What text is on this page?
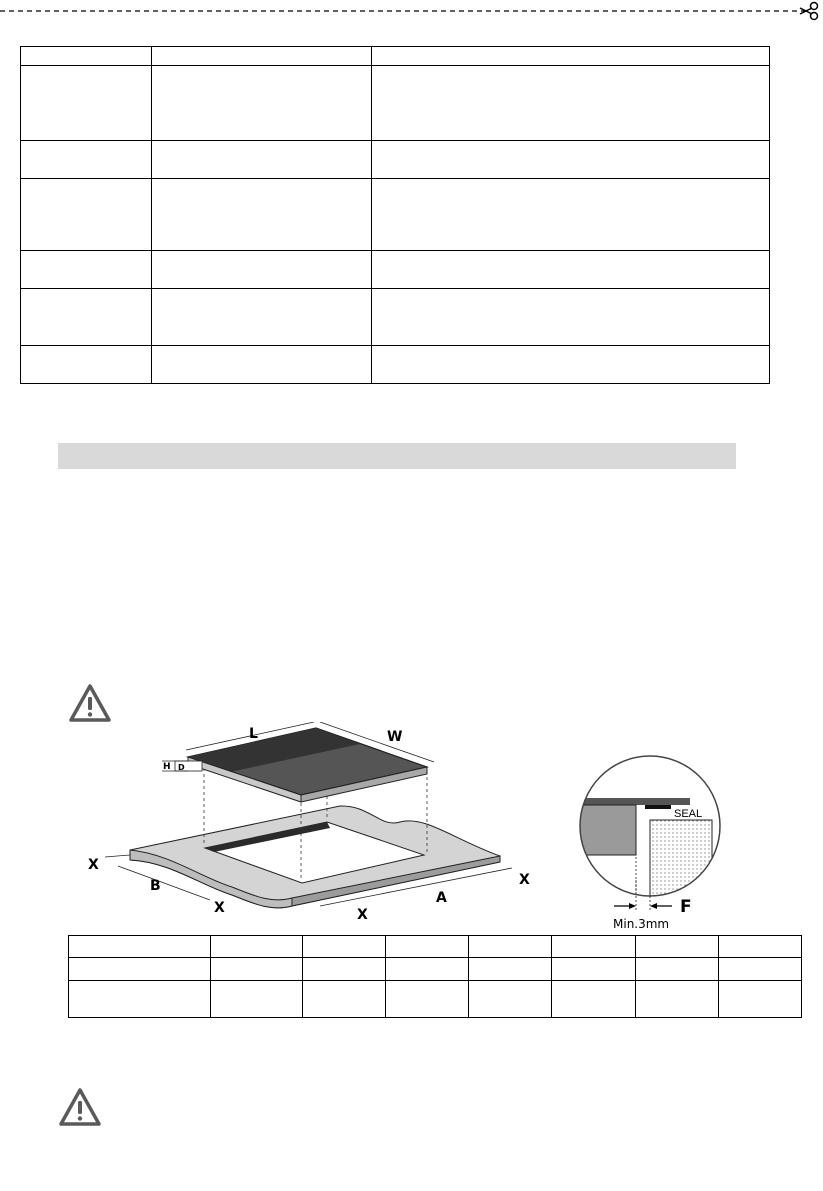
L	W
H D
B
A
X
X	X
X
SEAL
F
Min.3mm
